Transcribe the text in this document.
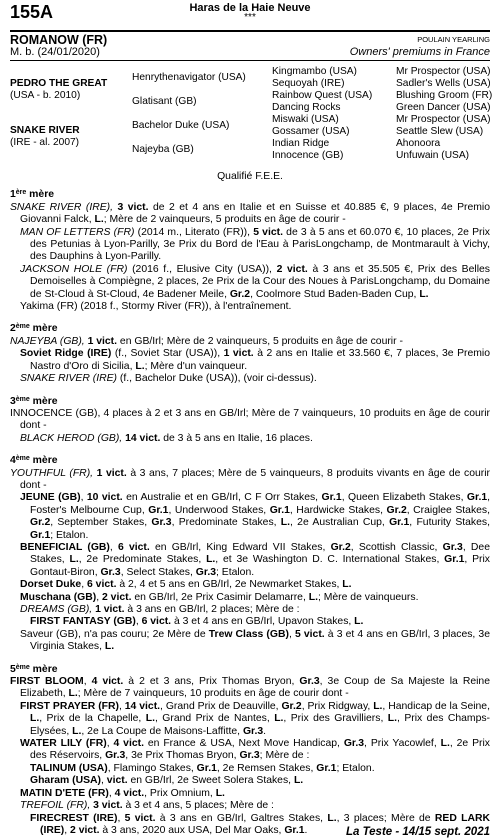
155A	Haras de la Haie Neuve
***
ROMANOW (FR)
M. b. (24/01/2020)
POULAIN YEARLING
Owners' premiums in France
PEDRO THE GREAT
(USA - b. 2010)
SNAKE RIVER
(IRE - al. 2007)
Henrythenavigator (USA)
Glatisant (GB)
Bachelor Duke (USA)
Najeyba (GB)
Kingmambo (USA)
Sequoyah (IRE)
Rainbow Quest (USA)
Dancing Rocks
Miswaki (USA)
Gossamer (USA)
Indian Ridge
Innocence (GB)
Mr Prospector (USA)
Sadler's Wells (USA)
Blushing Groom (FR)
Green Dancer (USA)
Mr Prospector (USA)
Seattle Slew (USA)
Ahonoora
Unfuwain (USA)
Qualifié F.E.E.
1ère mère

SNAKE RIVER (IRE), 3 vict. de 2 et 4 ans en Italie et en Suisse et 40.885 €, 9 places, 4e Premio Giovanni Falck, L.; Mère de 2 vainqueurs, 5 produits en âge de courir -

MAN OF LETTERS (FR) (2014 m., Literato (FR)), 5 vict. de 3 à 5 ans et 60.070 €, 10 places, 2e Prix des Petunias à Lyon-Parilly, 3e Prix du Bord de l'Eau à ParisLongchamp, de Montmarault à Vichy, des Dauphins à Lyon-Parilly.

JACKSON HOLE (FR) (2016 f., Elusive City (USA)), 2 vict. à 3 ans et 35.505 €, Prix des Belles Demoiselles à Compiègne, 2 places, 2e Prix de la Cour des Noues à ParisLongchamp, du Domaine de St-Cloud à St-Cloud, 4e Badener Meile, Gr.2, Coolmore Stud Baden-Baden Cup, L.

Yakima (FR) (2018 f., Stormy River (FR)), à l'entraînement.

2ème mère

NAJEYBA (GB), 1 vict. en GB/Irl; Mère de 2 vainqueurs, 5 produits en âge de courir -

Soviet Ridge (IRE) (f., Soviet Star (USA)), 1 vict. à 2 ans en Italie et 33.560 €, 7 places, 3e Premio Nastro d'Oro di Sicilia, L.; Mère d'un vainqueur.

SNAKE RIVER (IRE) (f., Bachelor Duke (USA)), (voir ci-dessus).

3ème mère

INNOCENCE (GB), 4 places à 2 et 3 ans en GB/Irl; Mère de 7 vainqueurs, 10 produits en âge de courir dont -

BLACK HEROD (GB), 14 vict. de 3 à 5 ans en Italie, 16 places.

4ème mère

YOUTHFUL (FR), 1 vict. à 3 ans, 7 places; Mère de 5 vainqueurs, 8 produits vivants en âge de courir dont -

JEUNE (GB), 10 vict. en Australie et en GB/Irl, C F Orr Stakes, Gr.1, Queen Elizabeth Stakes, Gr.1, Foster's Melbourne Cup, Gr.1, Underwood Stakes, Gr.1, Hardwicke Stakes, Gr.2, Craiglee Stakes, Gr.2, September Stakes, Gr.3, Predominate Stakes, L., 2e Australian Cup, Gr.1, Futurity Stakes, Gr.1; Etalon.

BENEFICIAL (GB), 6 vict. en GB/Irl, King Edward VII Stakes, Gr.2, Scottish Classic, Gr.3, Dee Stakes, L., 2e Predominate Stakes, L., et 3e Washington D. C. International Stakes, Gr.1, Prix Gontaut-Biron, Gr.3, Select Stakes, Gr.3; Etalon.

Dorset Duke, 6 vict. à 2, 4 et 5 ans en GB/Irl, 2e Newmarket Stakes, L.

Muschana (GB), 2 vict. en GB/Irl, 2e Prix Casimir Delamarre, L.; Mère de vainqueurs.

DREAMS (GB), 1 vict. à 3 ans en GB/Irl, 2 places; Mère de :

FIRST FANTASY (GB), 6 vict. à 3 et 4 ans en GB/Irl, Upavon Stakes, L.

Saveur (GB), n'a pas couru; 2e Mère de Trew Class (GB), 5 vict. à 3 et 4 ans en GB/Irl, 3 places, 3e Virginia Stakes, L.

5ème mère

FIRST BLOOM, 4 vict. à 2 et 3 ans, Prix Thomas Bryon, Gr.3, 3e Coup de Sa Majeste la Reine Elizabeth, L.; Mère de 7 vainqueurs, 10 produits en âge de courir dont -

FIRST PRAYER (FR), 14 vict., Grand Prix de Deauville, Gr.2, Prix Ridgway, L., Handicap de la Seine, L., Prix de la Chapelle, L., Grand Prix de Nantes, L., Prix des Gravilliers, L., Prix des Champs-Elysées, L., 2e La Coupe de Maisons-Laffitte, Gr.3.

WATER LILY (FR), 4 vict. en France & USA, Next Move Handicap, Gr.3, Prix Yacowlef, L., 2e Prix des Réservoirs, Gr.3, 3e Prix Thomas Bryon, Gr.3; Mère de :

TALINUM (USA), Flamingo Stakes, Gr.1, 2e Remsen Stakes, Gr.1; Etalon.

Gharam (USA), vict. en GB/Irl, 2e Sweet Solera Stakes, L.

MATIN D'ETE (FR), 4 vict., Prix Omnium, L.

TREFOIL (FR), 3 vict. à 3 et 4 ans, 5 places; Mère de :

FIRECREST (IRE), 5 vict. à 3 ans en GB/Irl, Galtres Stakes, L., 3 places; Mère de RED LARK (IRE), 2 vict. à 3 ans, 2020 aux USA, Del Mar Oaks, Gr.1.	La Teste - 14/15 sept. 2021
